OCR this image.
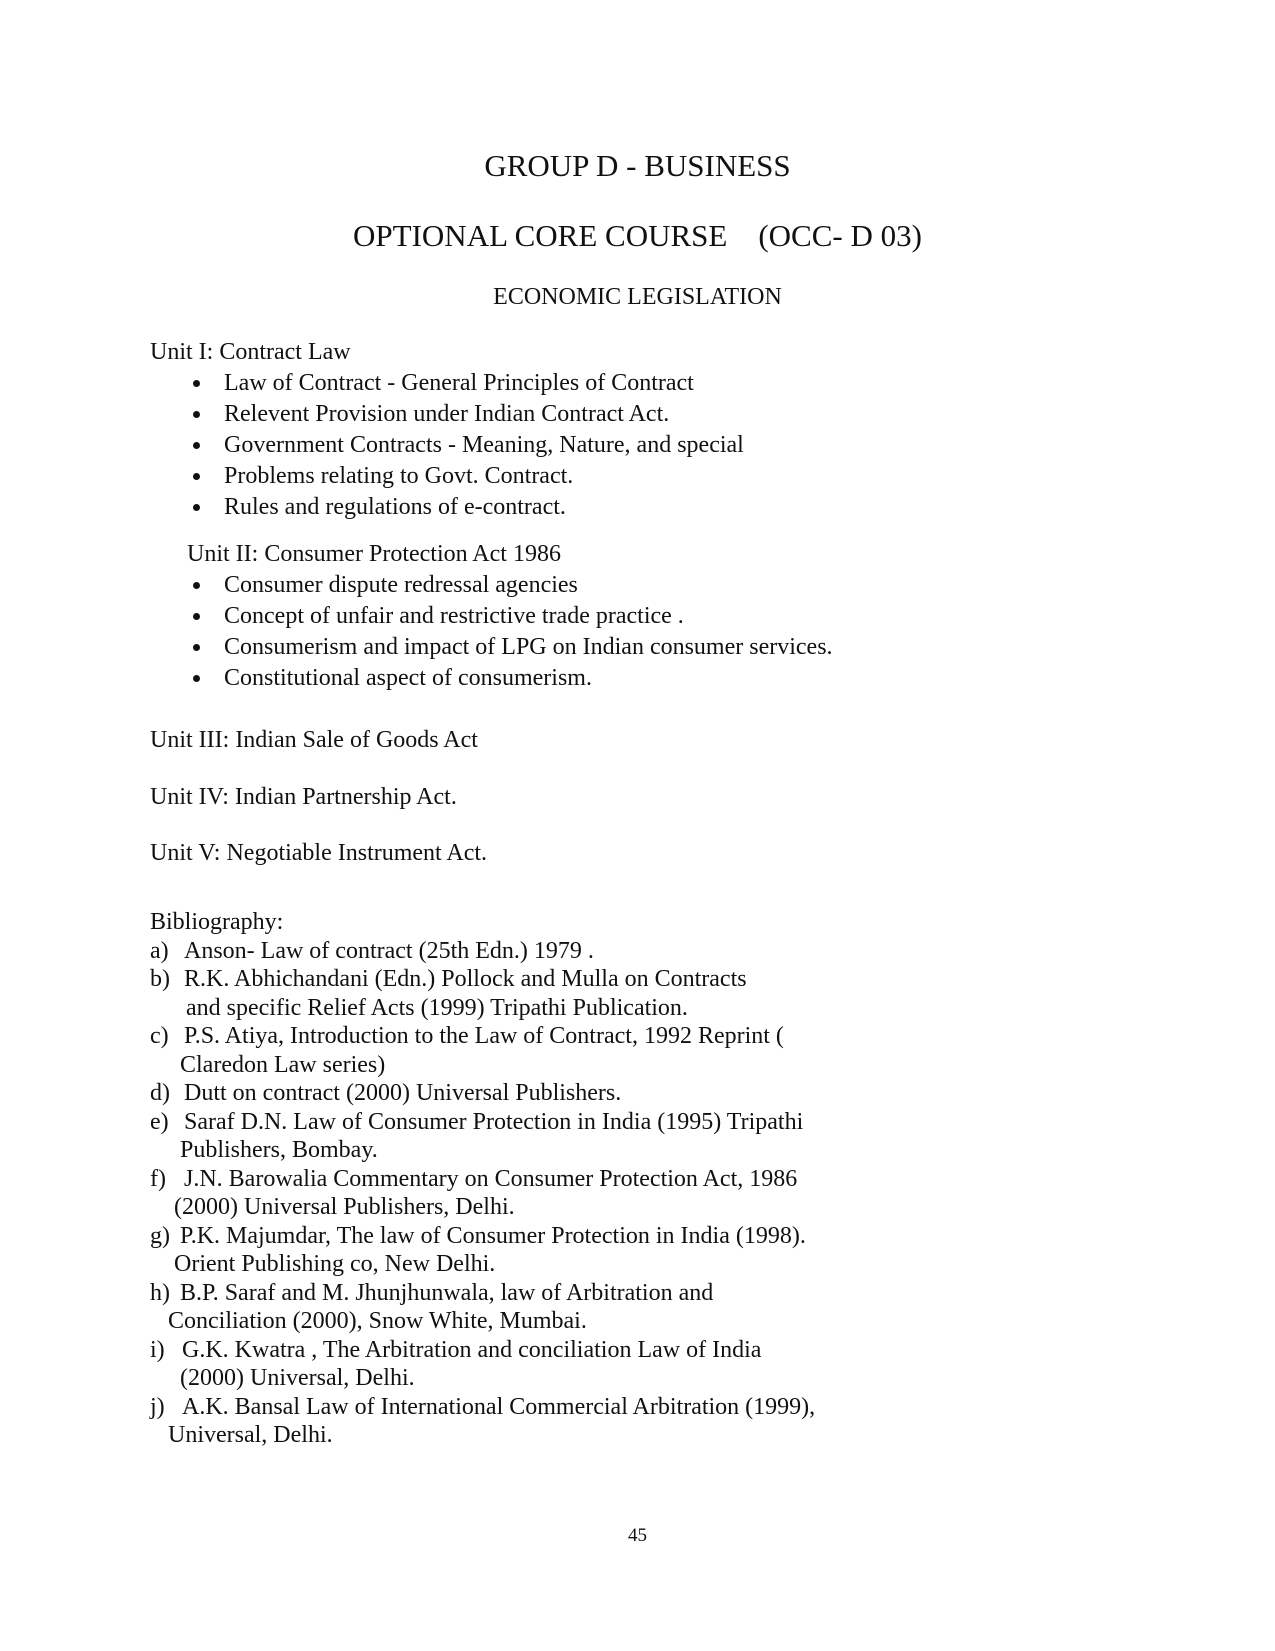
GROUP D - BUSINESS
OPTIONAL CORE COURSE    (OCC- D 03)
ECONOMIC LEGISLATION
Unit I: Contract Law
Law of Contract - General Principles of Contract
Relevent Provision under Indian Contract Act.
Government Contracts - Meaning, Nature, and special
Problems relating to Govt. Contract.
Rules and regulations of e-contract.
Unit II: Consumer Protection Act 1986
Consumer dispute redressal agencies
Concept of unfair and restrictive trade practice .
Consumerism and impact of LPG on Indian consumer services.
Constitutional aspect of consumerism.
Unit III: Indian Sale of Goods Act
Unit IV: Indian Partnership Act.
Unit V: Negotiable Instrument Act.
Bibliography:
a) Anson- Law of contract (25th Edn.) 1979 .
b) R.K. Abhichandani (Edn.) Pollock and Mulla on Contracts
and specific Relief Acts (1999) Tripathi Publication.
c) P.S. Atiya, Introduction to the Law of Contract, 1992 Reprint (
Claredon Law series)
d) Dutt on contract (2000) Universal Publishers.
e) Saraf D.N. Law of Consumer Protection in India (1995) Tripathi
Publishers, Bombay.
f) J.N. Barowalia Commentary on Consumer Protection Act, 1986
(2000) Universal Publishers, Delhi.
g) P.K. Majumdar, The law of Consumer Protection in India (1998).
Orient Publishing co, New Delhi.
h) B.P. Saraf and M. Jhunjhunwala, law of Arbitration and
Conciliation (2000), Snow White, Mumbai.
i) G.K. Kwatra , The Arbitration and conciliation Law of India
(2000) Universal, Delhi.
j) A.K. Bansal Law of International Commercial Arbitration (1999),
Universal, Delhi.
45
